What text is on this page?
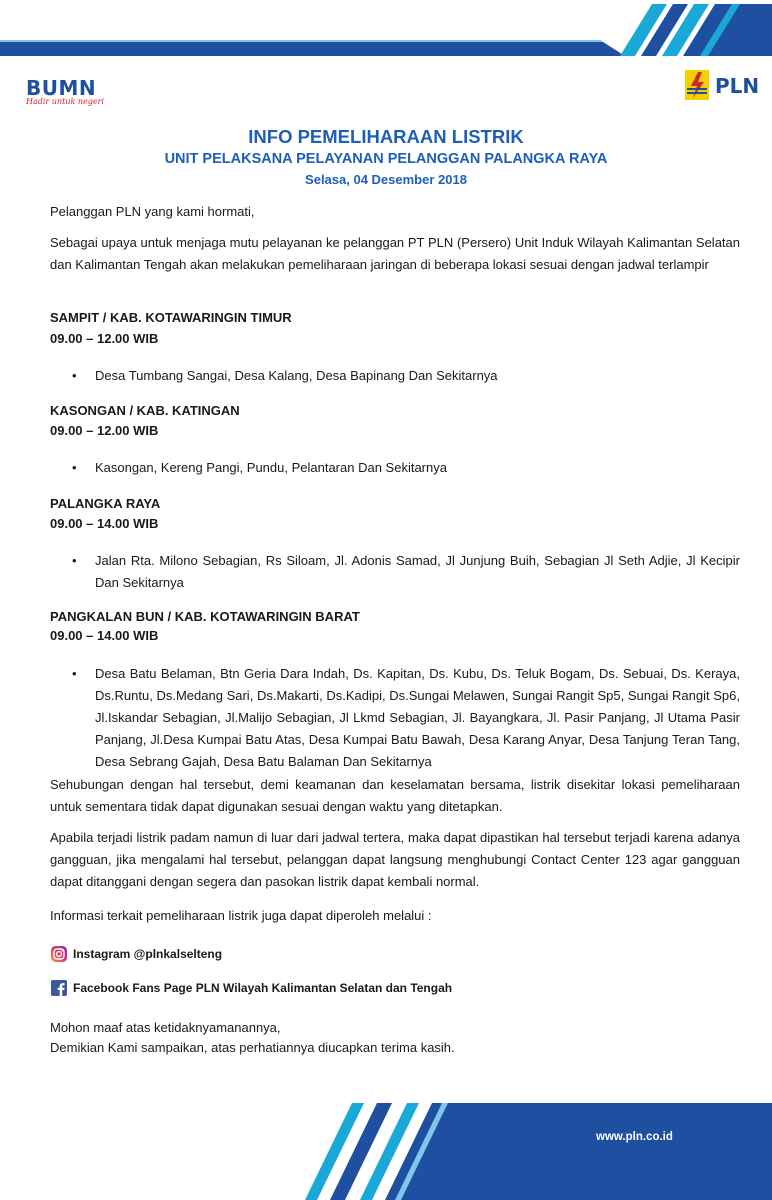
BUMN
Hadir untuk negeri
PLN
INFO PEMELIHARAAN LISTRIK
UNIT PELAKSANA PELAYANAN PELANGGAN PALANGKA RAYA
Selasa, 04 Desember 2018

Pelanggan PLN yang kami hormati,

Sebagai upaya untuk menjaga mutu pelayanan ke pelanggan PT PLN (Persero) Unit Induk Wilayah Kalimantan Selatan dan Kalimantan Tengah akan melakukan pemeliharaan jaringan di beberapa lokasi sesuai dengan jadwal terlampir

SAMPIT / KAB. KOTAWARINGIN TIMUR

09.00 – 12.00 WIB

•	Desa Tumbang Sangai, Desa Kalang, Desa Bapinang Dan Sekitarnya

KASONGAN / KAB. KATINGAN

09.00 – 12.00 WIB

•	Kasongan, Kereng Pangi, Pundu, Pelantaran Dan Sekitarnya

PALANGKA RAYA

09.00 – 14.00 WIB

•	Jalan Rta. Milono Sebagian, Rs Siloam, Jl. Adonis Samad, Jl Junjung Buih, Sebagian Jl Seth Adjie, Jl Kecipir Dan Sekitarnya

PANGKALAN BUN / KAB. KOTAWARINGIN BARAT

09.00 – 14.00 WIB

•	Desa Batu Belaman, Btn Geria Dara Indah, Ds. Kapitan, Ds. Kubu, Ds. Teluk Bogam, Ds. Sebuai, Ds. Keraya, Ds.Runtu, Ds.Medang Sari, Ds.Makarti, Ds.Kadipi, Ds.Sungai Melawen, Sungai Rangit Sp5, Sungai Rangit Sp6, Jl.Iskandar Sebagian, Jl.Malijo Sebagian, Jl Lkmd Sebagian, Jl. Bayangkara, Jl. Pasir Panjang, Jl Utama Pasir Panjang, Jl.Desa Kumpai Batu Atas, Desa Kumpai Batu Bawah, Desa Karang Anyar, Desa Tanjung Teran Tang, Desa Sebrang Gajah, Desa Batu Balaman Dan Sekitarnya

Sehubungan dengan hal tersebut, demi keamanan dan keselamatan bersama, listrik disekitar lokasi pemeliharaan untuk sementara tidak dapat digunakan sesuai dengan waktu yang ditetapkan.

Apabila terjadi listrik padam namun di luar dari jadwal tertera, maka dapat dipastikan hal tersebut terjadi karena adanya gangguan, jika mengalami hal tersebut, pelanggan dapat langsung menghubungi Contact Center 123 agar gangguan dapat ditanggani dengan segera dan pasokan listrik dapat kembali normal.

Informasi terkait pemeliharaan listrik juga dapat diperoleh melalui :

Instagram @plnkalselteng
Facebook Fans Page PLN Wilayah Kalimantan Selatan dan Tengah

Mohon maaf atas ketidaknyamanannya,

Demikian Kami sampaikan, atas perhatiannya diucapkan terima kasih.

www.pln.co.id
